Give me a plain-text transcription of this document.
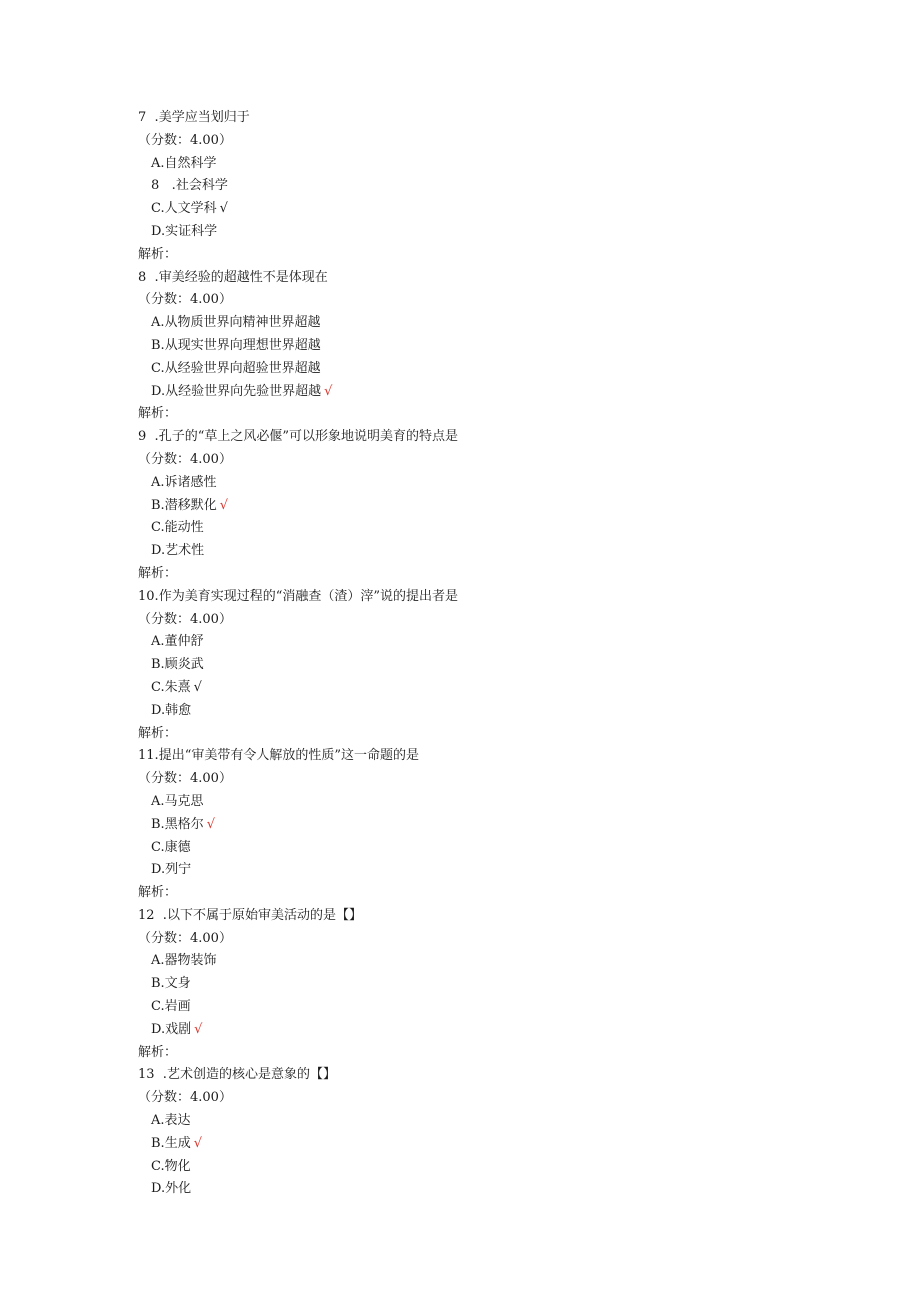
7  .美学应当划归于
（分数：4.00）
A.自然科学
8   .社会科学
C.人文学科 √
D.实证科学
解析：
8  .审美经验的超越性不是体现在
（分数：4.00）
A.从物质世界向精神世界超越
B.从现实世界向理想世界超越
C.从经验世界向超验世界超越
D.从经验世界向先验世界超越 √
解析：
9  .孔子的“草上之风必偃”可以形象地说明美育的特点是
（分数：4.00）
A.诉诸感性
B.潜移默化 √
C.能动性
D.艺术性
解析：
10.作为美育实现过程的“消融查（渣）滓”说的提出者是
（分数：4.00）
A.董仲舒
B.顾炎武
C.朱熹 √
D.韩愈
解析：
11.提出“审美带有令人解放的性质”这一命题的是
（分数：4.00）
A.马克思
B.黑格尔 √
C.康德
D.列宁
解析：
12  .以下不属于原始审美活动的是【】
（分数：4.00）
A.器物装饰
B.文身
C.岩画
D.戏剧 √
解析：
13  .艺术创造的核心是意象的【】
（分数：4.00）
A.表达
B.生成 √
C.物化
D.外化
